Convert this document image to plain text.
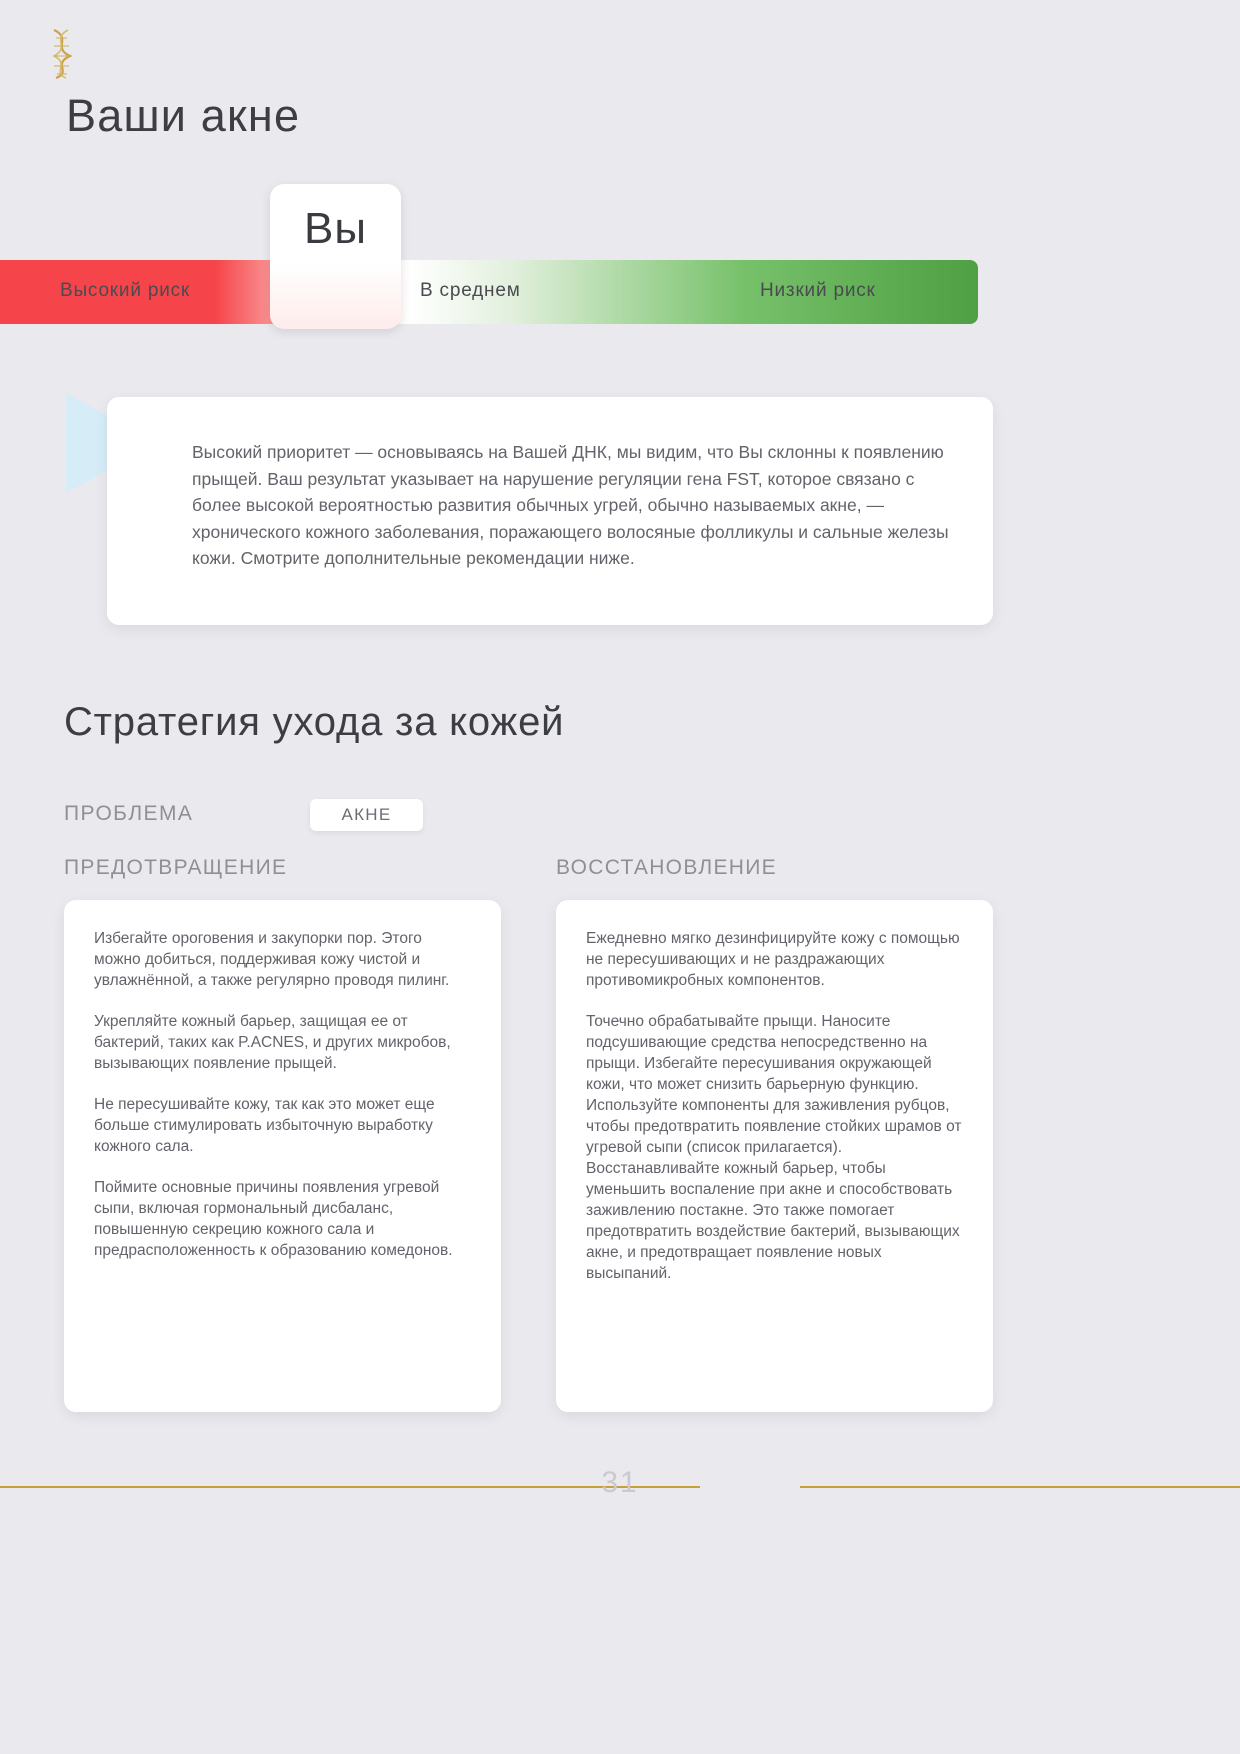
Ваши акне
Высокий риск	В среднем	Низкий риск
Вы

Высокий приоритет — основываясь на Вашей ДНК, мы видим, что Вы склонны к появлению прыщей. Ваш результат указывает на нарушение регуляции гена FST, которое связано с более высокой вероятностью развития обычных угрей, обычно называемых акне, — хронического кожного заболевания, поражающего волосяные фолликулы и сальные железы кожи. Смотрите дополнительные рекомендации ниже.

Стратегия ухода за кожей
ПРОБЛЕМА	АКНЕ
ПРЕДОТВРАЩЕНИЕ	ВОССТАНОВЛЕНИЕ

Избегайте ороговения и закупорки пор. Этого можно добиться, поддерживая кожу чистой и увлажнённой, а также регулярно проводя пилинг.

Укрепляйте кожный барьер, защищая ее от бактерий, таких как P.ACNES, и других микробов, вызывающих появление прыщей.

Не пересушивайте кожу, так как это может еще больше стимулировать избыточную выработку кожного сала.

Поймите основные причины появления угревой сыпи, включая гормональный дисбаланс, повышенную секрецию кожного сала и предрасположенность к образованию комедонов.

Ежедневно мягко дезинфицируйте кожу с помощью не пересушивающих и не раздражающих противомикробных компонентов.

Точечно обрабатывайте прыщи. Наносите подсушивающие средства непосредственно на прыщи. Избегайте пересушивания окружающей кожи, что может снизить барьерную функцию. Используйте компоненты для заживления рубцов, чтобы предотвратить появление стойких шрамов от угревой сыпи (список прилагается). Восстанавливайте кожный барьер, чтобы уменьшить воспаление при акне и способствовать заживлению постакне. Это также помогает предотвратить воздействие бактерий, вызывающих акне, и предотвращает появление новых высыпаний.

31
